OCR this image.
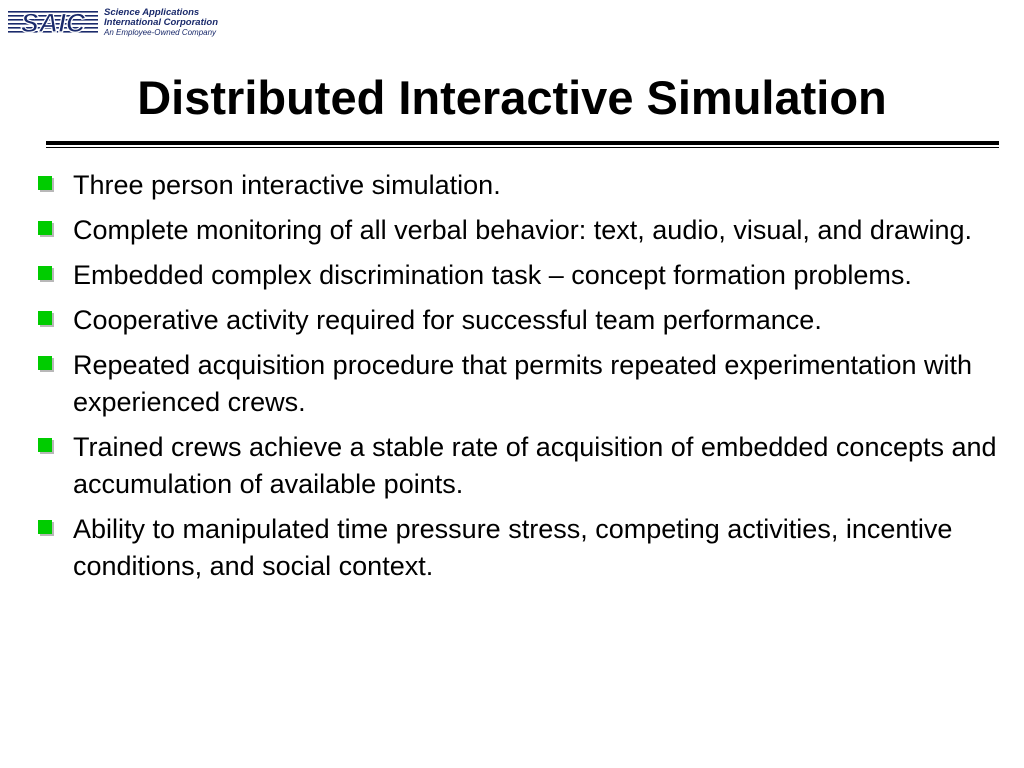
SAIC Science Applications
International Corporation
An Employee-Owned Company
Distributed Interactive Simulation
Three person interactive simulation.
Complete monitoring of all verbal behavior: text, audio, visual, and drawing.
Embedded complex discrimination task – concept formation problems.
Cooperative activity required for successful team performance.
Repeated acquisition procedure that permits repeated experimentation with experienced crews.
Trained crews achieve a stable rate of acquisition of embedded concepts and accumulation of available points.
Ability to manipulated time pressure stress, competing activities, incentive conditions, and social context.
